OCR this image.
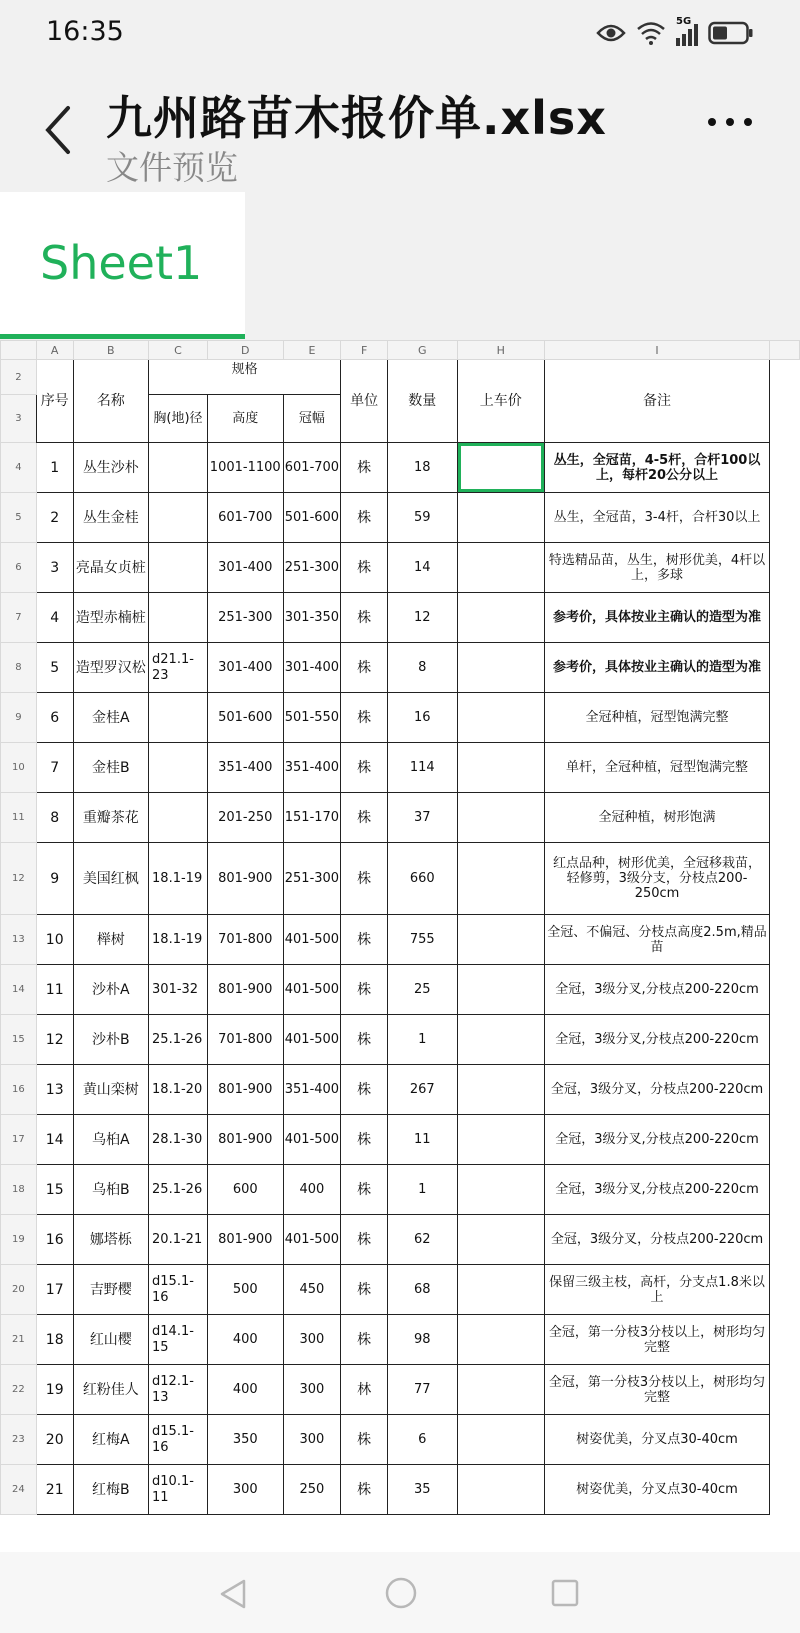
16:35	5G
九州路苗木报价单.xlsx
文件预览
Sheet1
	A	B	C	D	E	F	G	H	I	
2	序号	名称	规格			单位	数量	上车价	备注	
3			胸(地)径	高度	冠幅					
4	1	丛生沙朴		1001-1100	601-700	株	18		丛生，全冠苗，4-5杆，合杆100以上，每杆20公分以上	
5	2	丛生金桂		601-700	501-600	株	59		丛生，全冠苗，3-4杆，合杆30以上	
6	3	亮晶女贞桩		301-400	251-300	株	14		特选精品苗，丛生，树形优美，4杆以上，多球	
7	4	造型赤楠桩		251-300	301-350	株	12		参考价，具体按业主确认的造型为准	
8	5	造型罗汉松	d21.1-23	301-400	301-400	株	8		参考价，具体按业主确认的造型为准	
9	6	金桂A		501-600	501-550	株	16		全冠种植，冠型饱满完整	
10	7	金桂B		351-400	351-400	株	114		单杆，全冠种植，冠型饱满完整	
11	8	重瓣茶花		201-250	151-170	株	37		全冠种植，树形饱满	
12	9	美国红枫	18.1-19	801-900	251-300	株	660		红点品种，树形优美，全冠移栽苗，轻修剪，3级分支，分枝点200-250cm	
13	10	榉树	18.1-19	701-800	401-500	株	755		全冠、不偏冠、分枝点高度2.5m,精品苗	
14	11	沙朴A	301-32	801-900	401-500	株	25		全冠，3级分叉,分枝点200-220cm	
15	12	沙朴B	25.1-26	701-800	401-500	株	1		全冠，3级分叉,分枝点200-220cm	
16	13	黄山栾树	18.1-20	801-900	351-400	株	267		全冠，3级分叉，分枝点200-220cm	
17	14	乌桕A	28.1-30	801-900	401-500	株	11		全冠，3级分叉,分枝点200-220cm	
18	15	乌桕B	25.1-26	600	400	株	1		全冠，3级分叉,分枝点200-220cm	
19	16	娜塔栎	20.1-21	801-900	401-500	株	62		全冠，3级分叉，分枝点200-220cm	
20	17	吉野樱	d15.1-16	500	450	株	68		保留三级主枝，高杆，分支点1.8米以上	
21	18	红山樱	d14.1-15	400	300	株	98		全冠，第一分枝3分枝以上，树形均匀完整	
22	19	红粉佳人	d12.1-13	400	300	林	77		全冠，第一分枝3分枝以上，树形均匀完整	
23	20	红梅A	d15.1-16	350	300	株	6		树姿优美，分叉点30-40cm	
24	21	红梅B	d10.1-11	300	250	株	35		树姿优美，分叉点30-40cm	
